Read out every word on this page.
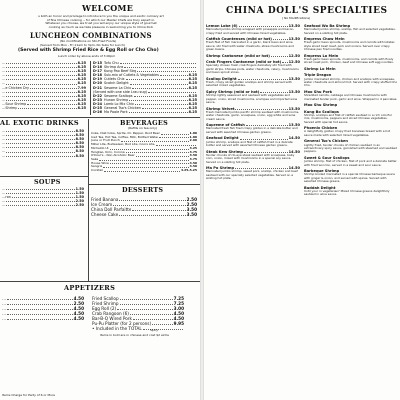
WELCOME
s both an honor and privilege to introduce to you the unique and exotic culinary art
of fine Chinese cooking -- for which our Master Chefs are truly expert in.
Whatever you choose, we trust you will enjoy our unique style of gourmet
cooking as much as we take pleasure in welcoming you to China Doll.
LUNCHEON COMBINATIONS
(No modifications on Stir-Fried Foods)
(Served from Mon - Fri 11am to 3pm, No Subs for Lunch)
(Served with Shrimp Fried Rice & Egg Roll or Cho Cho)
Lunch order by above ends of 3:00pm
…	8.25
…	8.25
…	8.25
…	8.25
…	8.25
…	8.25
…e Chicken Dry	7.99
…	8.25
…	8.25
…	8.25
…Sour Shrimp	8.25
…Shrimp	8.25
D-15 Tofu Chu
D-16 Shrimp Ans
D-17 Kung Pao Beef Strg
D-18 Sub-mix of Cutlets & Vegetables	8.25
D-19 Cutlets Chix	8.25
D-20 Scotch Delight	8.25
D-21 Sesame La Chix	8.25
(Served with one side Lrau sug)
D-22 Sesame Scallops	8.25
D-23 Hunan Shrimp	8.25
D-24 Lamb Lo Mix Chix	8.25
D-25 General Tso's Chicken	8.25
D-26 Ma Poole Pork	8.25
AL EXOTIC DRINKS
…	8.50
…	8.50
…	8.50
…	8.50
…	8.50
…	8.50
…	8.50
BEVERAGES
(Refills on tea only)
Coke, Diet Coke, Sprite, Dr. Pepper, Root Beer	1.80
Iced Tea, Hot Tea, Coffee, Milk, Bottled Water	1.80
Juice or Fruit Punch	2.00
Miller Lite, Budweiser, Bud Lite, Coors Lite,
Michelob Ul.	3.25
Tsingtao, Kirin, Corona	3.75
O'Doul's - Non Alcoholic Beer	3.50
Sake	3.75
House Wine	4.50
Sangria	4.50
Cocktail	4.25-5.25
SOUPS
…	1.50
…	1.50
…ron	1.50
…	2.50
…	2.50
DESSERTS
Fried Banana	2.50
Ice Cream	2.50
China Doll Parfaitte	3.50
Cheese Cake	3.50
APPETIZERS
…	4.50
…	2.50
…	4.50
…	4.50
…	4.50
Fried Scallop	7.25
Fried Shrimp	7.25
Egg Roll (2)	3.00
Crab Rangoon (6)	4.50
Bar-B-Q Wired Pork	4.50
Pu-Pu Platter (for 2 persons)	9.95
• Included in the TOTAL	Spicy
Items in bold are in chinese and cost $2 extra
Items Charge for Party of 6 or More
CHINA DOLL'S SPECIALTIES
( No Modifications)
Lemon Lobe (6)	13.50
Marinated jumbo shrimp wrapped with pineapple and bacon, crispy fried and served with Chinese mixed vegetables.
Catfish Countenses (mild or hot)	13.50
Fresh filet of fish marinated in a garlic, black bean and wine sauce, stir fried with water chestnuts, straw mushrooms and green beans.
Shrimp Cantonese (mild or hot)	12.50
Crab Fingers Cantonese (mild or hot) 12.50
Specially chosen fresh crab fingers delicately stir fried with garlic strips, Chinese pods, water chestnuts, celery, mushrooms and bean sprout slices.
Scallop Delight	13.50
Fresh, crispy sliced golden scallops and shrimp served with selected mixed vegetables.
Spicy Shrimp (mild or hot)	13.50
Shrimp lightly seasoned and sauteed with vegetables and pepper, onion, sliced mushrooms, scampee and imported wine sauce.
Shrimp Velvet	13.50
Fresh marinated jumbo pacific shrimp sautéed with mushrooms, water chestnuts, garlic, snowpeas, onion, egg white and wine cream sauce.
Supreme of Catfish	13.50
Marinated fresh fish fried crispy golden in a delicate butter and served with assorted Chinese garden greens.
Seafood Delight	14.50
Jumbo shrimp, scallops and filet of catfish fried in a delicate butter and served with assorted Chinese garden greens.
Steak Kew Shrimp	14.50
Tender chunks of rib-eye steak sauteed with snowpeas, baby corn, onion, mixed with mushrooms in a special soy sauce. Served on a sizzling hot plate.
Ma Po Shrimp	14.50
Marinated jumbo shrimp, sweet pork, scallop, chicken and beef sauteed with our specially selected vegetables. Served on a sizzling hot plate.
Seafood Wo Ba Shrimp
Marinated jumbo shrimp, scallop, fish and selected vegetables. Served on a sizzling hot plate.
Empress Chow Mein
Fresh garlic bean sprouts, mushrooms and carrots with lobster-style sliced beef, beef, pork and onions. Served over crispy Chinese pan fried noodles.
Empress Lo Mein
Fresh garlic bean sprouts, mushrooms, and carrots with finely sliced roast pork, chicken, beef and Chinese soft egg noodles.
Shrimp Lo Mein
Triple Dragon
Jumbo marinated shrimp, chicken and scallops with snowpeas, water chestnuts and almond hot. Served with crispy stuffed Cho Cho.
Moo Shu Pork
Shredded carrots, cabbage and Chinese mushrooms with marinated tender pork, garlic and wine. Wrapped in 4 pancakes.
Moo Shu Shrimp
Kung Bo Scallops
Shrimp, scallops and filet of catfish sautéed in a rich colorful mix, mushrooms, peppers and sliced Chinese vegetables. Served with special hot sauce.
Phoenix Chicken
A delightfully golden crispy fried boneless breast with a hot sauce made with selected mixed vegetables.
General Tso's Chicken
Lightly fried, tender chunks of chicken sautéed in an extraordinary spicy sauce, garnished with steamed and sautéed peppers.
Sweet & Sour Scallops
Jumbo shrimp, filet of chicken, filet of pork and a delicate batter with fried won ton, served in a sweet and sour sauce.
Barbeque Shrimp
Shrimp broiled marinated in a special Chinese barbeque sauce with ginger & onion, and served with spices. Served with selected Chinese greens.
Buddah Delight
Until your in vegetarian? Mixed Chinese greens delightfully sautéed in wine sauce.
